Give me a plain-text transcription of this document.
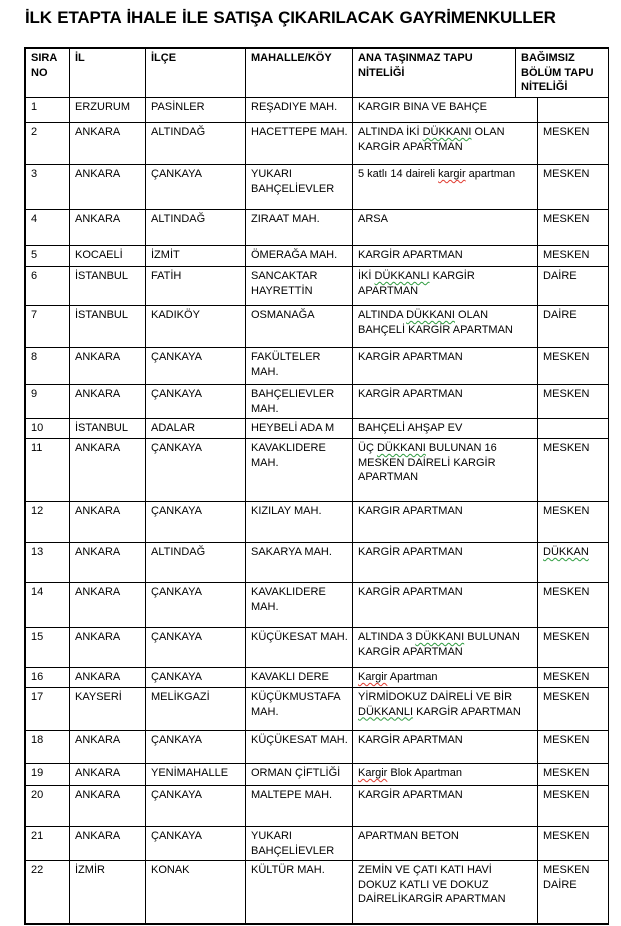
İLK ETAPTA İHALE İLE SATIŞA ÇIKARILACAK GAYRİMENKULLER
SIRA NO	İL	İLÇE	MAHALLE/KÖY	ANA TAŞINMAZ TAPU NİTELİĞİ	BAĞIMSIZ BÖLÜM TAPU NİTELİĞİ
1	ERZURUM	PASİNLER	REŞADIYE MAH.	KARGIR BINA VE BAHÇE	
2	ANKARA	ALTINDAĞ	HACETTEPE MAH.	ALTINDA İKİ DÜKKANI OLAN KARGİR APARTMAN	MESKEN
3	ANKARA	ÇANKAYA	YUKARI BAHÇELİEVLER	5 katlı 14 daireli kargir apartman	MESKEN
4	ANKARA	ALTINDAĞ	ZIRAAT MAH.	ARSA	MESKEN
5	KOCAELİ	İZMİT	ÖMERAĞA MAH.	KARGİR APARTMAN	MESKEN
6	İSTANBUL	FATİH	SANCAKTAR HAYRETTİN	İKİ DÜKKANLI KARGİR APARTMAN	DAİRE
7	İSTANBUL	KADIKÖY	OSMANAĞA	ALTINDA DÜKKANI OLAN BAHÇELİ KARGİR APARTMAN	DAİRE
8	ANKARA	ÇANKAYA	FAKÜLTELER MAH.	KARGİR APARTMAN	MESKEN
9	ANKARA	ÇANKAYA	BAHÇELIEVLER MAH.	KARGİR APARTMAN	MESKEN
10	İSTANBUL	ADALAR	HEYBELİ ADA M	BAHÇELİ AHŞAP EV	
11	ANKARA	ÇANKAYA	KAVAKLIDERE MAH.	ÜÇ DÜKKANI BULUNAN 16 MESKEN DAİRELİ KARGİR APARTMAN	MESKEN
12	ANKARA	ÇANKAYA	KIZILAY MAH.	KARGIR APARTMAN	MESKEN
13	ANKARA	ALTINDAĞ	SAKARYA MAH.	KARGİR APARTMAN	DÜKKAN
14	ANKARA	ÇANKAYA	KAVAKLIDERE MAH.	KARGİR APARTMAN	MESKEN
15	ANKARA	ÇANKAYA	KÜÇÜKESAT MAH.	ALTINDA 3 DÜKKANI BULUNAN KARGİR APARTMAN	MESKEN
16	ANKARA	ÇANKAYA	KAVAKLI DERE	Kargir Apartman	MESKEN
17	KAYSERİ	MELİKGAZİ	KÜÇÜKMUSTAFA MAH.	YİRMİDOKUZ DAİRELİ VE BİR DÜKKANLI KARGİR APARTMAN	MESKEN
18	ANKARA	ÇANKAYA	KÜÇÜKESAT MAH.	KARGİR APARTMAN	MESKEN
19	ANKARA	YENİMAHALLE	ORMAN ÇİFTLİĞİ	Kargir Blok Apartman	MESKEN
20	ANKARA	ÇANKAYA	MALTEPE MAH.	KARGİR APARTMAN	MESKEN
21	ANKARA	ÇANKAYA	YUKARI BAHÇELİEVLER	APARTMAN BETON	MESKEN
22	İZMİR	KONAK	KÜLTÜR MAH.	ZEMİN VE ÇATI KATI HAVİ DOKUZ KATLI VE DOKUZ DAİRELİKARGİR APARTMAN	MESKEN DAİRE
